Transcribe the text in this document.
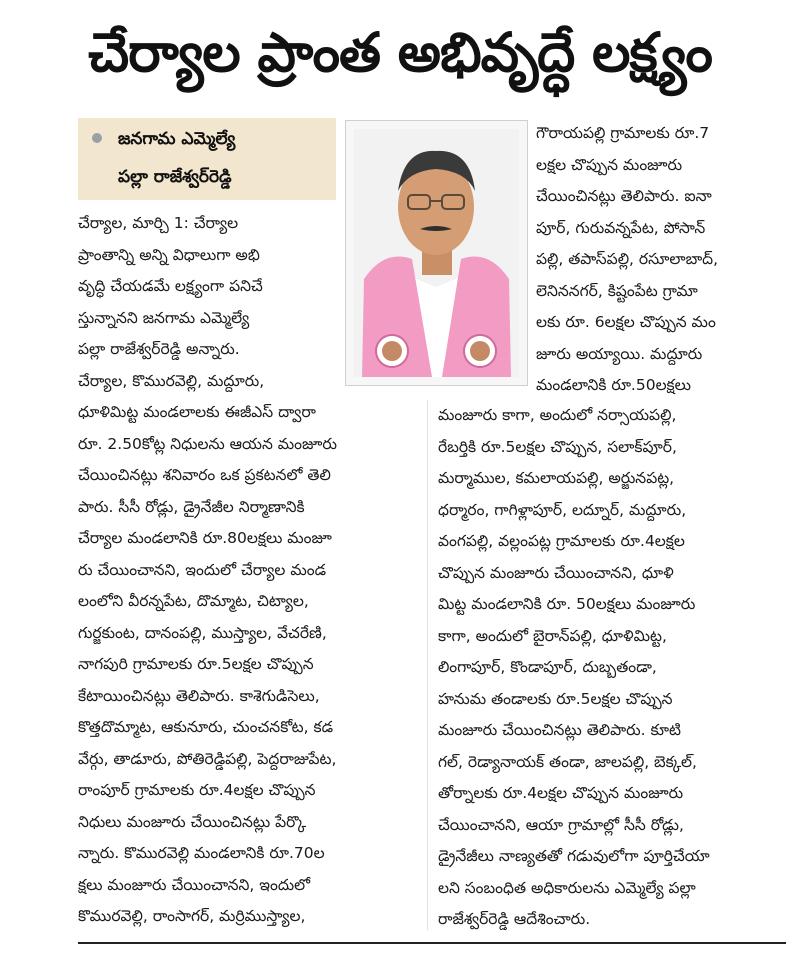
చేర్యాల ప్రాంత అభివృద్ధే లక్ష్యం
జనగామ ఎమ్మెల్యే
పల్లా రాజేశ్వర్‌రెడ్డి
గౌరాయపల్లి గ్రామాలకు రూ.7
లక్షల చొప్పున మంజూరు
చేయించినట్లు తెలిపారు. ఐనా
పూర్, గురువన్నపేట, పోసాన్
పల్లి, తపాస్‌పల్లి, రసూలాబాద్,
లెనిననగర్, కిష్టంపేట గ్రామా
లకు రూ. 6లక్షల చొప్పున మం
జూరు అయ్యాయి. మద్దూరు
మండలానికి రూ.50లక్షలు
చేర్యాల, మార్చి 1: చేర్యాల
ప్రాంతాన్ని అన్ని విధాలుగా అభి
వృద్ధి చేయడమే లక్ష్యంగా పనిచే
స్తున్నానని జనగామ ఎమ్మెల్యే
పల్లా రాజేశ్వర్‌రెడ్డి అన్నారు.
చేర్యాల, కొమురవెల్లి, మద్దూరు,
ధూళిమిట్ట మండలాలకు ఈజీఎస్ ద్వారా
రూ. 2.50కోట్ల నిధులను ఆయన మంజూరు
చేయించినట్లు శనివారం ఒక ప్రకటనలో తెలి
పారు. సీసీ రోడ్లు, డ్రైనేజీల నిర్మాణానికి
చేర్యాల మండలానికి రూ.80లక్షలు మంజూ
రు చేయించానని, ఇందులో చేర్యాల మండ
లంలోని వీరన్నపేట, దొమ్మాట, చిట్యాల,
గుర్జకుంట, దానంపల్లి, ముస్త్యాల, వేచరేణి,
నాగపురి గ్రామాలకు రూ.5లక్షల చొప్పున
కేటాయించినట్లు తెలిపారు. కాశెగుడిసెలు,
కొత్తదొమ్మాట, ఆకునూరు, చుంచనకోట, కడ
వేర్గు, తాడూరు, పోతిరెడ్డిపల్లి, పెద్దరాజుపేట,
రాంపూర్ గ్రామాలకు రూ.4లక్షల చొప్పున
నిధులు మంజూరు చేయించినట్లు పేర్కొ
న్నారు. కొమురవెల్లి మండలానికి రూ.70ల
క్షలు మంజూరు చేయించానని, ఇందులో
కొమురవెల్లి, రాంసాగర్, మర్రిముస్త్యాల,
మంజూరు కాగా, అందులో నర్సాయపల్లి,
రేబర్తికి రూ.5లక్షల చొప్పున, సలాక్‌పూర్,
మర్మాముల, కమలాయపల్లి, అర్జునపట్ల,
ధర్మారం, గాగిళ్లాపూర్, లద్నూర్, మద్దూరు,
వంగపల్లి, వల్లంపట్ల గ్రామాలకు రూ.4లక్షల
చొప్పున మంజూరు చేయించానని, ధూళి
మిట్ట మండలానికి రూ. 50లక్షలు మంజూరు
కాగా, అందులో బైరాన్‌పల్లి, ధూళిమిట్ట,
లింగాపూర్, కొండాపూర్, దుబ్బతండా,
హనుమ తండాలకు రూ.5లక్షల చొప్పున
మంజూరు చేయించినట్లు తెలిపారు. కూటి
గల్, రెడ్యానాయక్ తండా, జాలపల్లి, బెక్కల్,
తోర్నాలకు రూ.4లక్షల చొప్పున మంజూరు
చేయించానని, ఆయా గ్రామాల్లో సీసీ రోడ్లు,
డ్రైనేజీలు నాణ్యతతో గడువులోగా పూర్తిచేయా
లని సంబంధిత అధికారులను ఎమ్మెల్యే పల్లా
రాజేశ్వర్‌రెడ్డి ఆదేశించారు.
